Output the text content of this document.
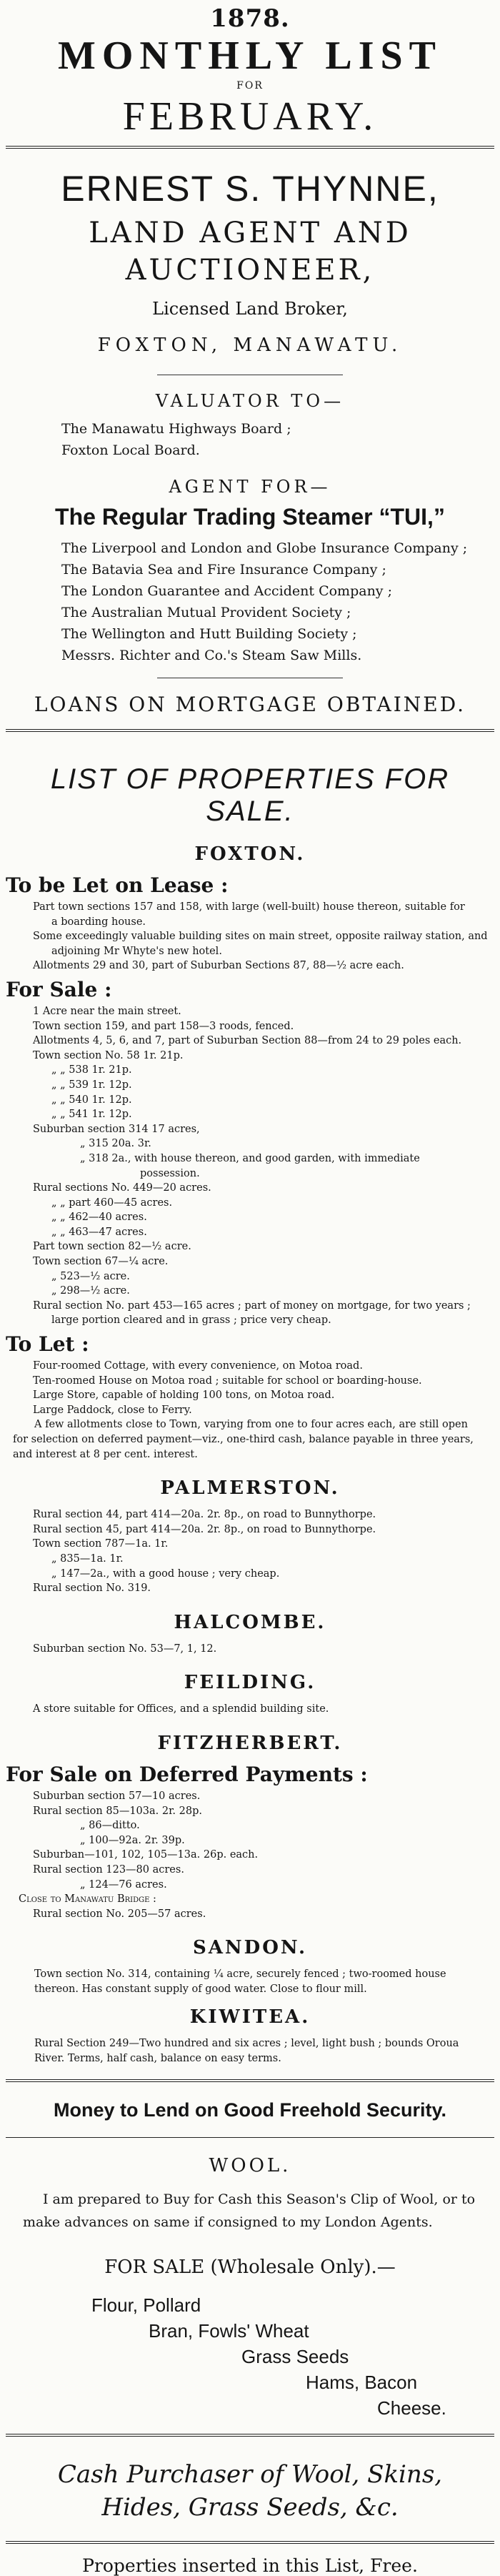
1878.
MONTHLY LIST
FOR
FEBRUARY.
ERNEST S. THYNNE,
LAND AGENT AND AUCTIONEER,
Licensed Land Broker,
FOXTON, MANAWATU.
VALUATOR TO—
The Manawatu Highways Board ;
Foxton Local Board.
AGENT FOR—
The Regular Trading Steamer “TUI,”
The Liverpool and London and Globe Insurance Company ;
The Batavia Sea and Fire Insurance Company ;
The London Guarantee and Accident Company ;
The Australian Mutual Provident Society ;
The Wellington and Hutt Building Society ;
Messrs. Richter and Co.'s Steam Saw Mills.
LOANS ON MORTGAGE OBTAINED.
LIST OF PROPERTIES FOR SALE.
FOXTON.
To be Let on Lease :
Part town sections 157 and 158, with large (well-built) house thereon, suitable for
a boarding house.
Some exceedingly valuable building sites on main street, opposite railway station, and
adjoining Mr Whyte's new hotel.
Allotments 29 and 30, part of Suburban Sections 87, 88—½ acre each.
For Sale :
1 Acre near the main street.
Town section 159, and part 158—3 roods, fenced.
Allotments 4, 5, 6, and 7, part of Suburban Section 88—from 24 to 29 poles each.
Town section No. 58 1r. 21p.
„ „ 538 1r. 21p.
„ „ 539 1r. 12p.
„ „ 540 1r. 12p.
„ „ 541 1r. 12p.
Suburban section 314 17 acres,
„ 315 20a. 3r.
„ 318 2a., with house thereon, and good garden, with immediate
possession.
Rural sections No. 449—20 acres.
„ „ part 460—45 acres.
„ „ 462—40 acres.
„ „ 463—47 acres.
Part town section 82—½ acre.
Town section 67—¼ acre.
„ 523—½ acre.
„ 298—½ acre.
Rural section No. part 453—165 acres ; part of money on mortgage, for two years ;
large portion cleared and in grass ; price very cheap.
To Let :
Four-roomed Cottage, with every convenience, on Motoa road.
Ten-roomed House on Motoa road ; suitable for school or boarding-house.
Large Store, capable of holding 100 tons, on Motoa road.
Large Paddock, close to Ferry.
A few allotments close to Town, varying from one to four acres each, are still open for selection on deferred payment—viz., one-third cash, balance payable in three years, and interest at 8 per cent. interest.
PALMERSTON.
Rural section 44, part 414—20a. 2r. 8p., on road to Bunnythorpe.
Rural section 45, part 414—20a. 2r. 8p., on road to Bunnythorpe.
Town section 787—1a. 1r.
„ 835—1a. 1r.
„ 147—2a., with a good house ; very cheap.
Rural section No. 319.
HALCOMBE.
Suburban section No. 53—7, 1, 12.
FEILDING.
A store suitable for Offices, and a splendid building site.
FITZHERBERT.
For Sale on Deferred Payments :
Suburban section 57—10 acres.
Rural section 85—103a. 2r. 28p.
„ 86—ditto.
„ 100—92a. 2r. 39p.
Suburban—101, 102, 105—13a. 26p. each.
Rural section 123—80 acres.
„ 124—76 acres.
Close to Manawatu Bridge :
Rural section No. 205—57 acres.
SANDON.
Town section No. 314, containing ¼ acre, securely fenced ; two-roomed house thereon. Has constant supply of good water. Close to flour mill.
KIWITEA.
Rural Section 249—Two hundred and six acres ; level, light bush ; bounds Oroua River. Terms, half cash, balance on easy terms.
Money to Lend on Good Freehold Security.
WOOL.
I am prepared to Buy for Cash this Season's Clip of Wool, or to make advances on same if consigned to my London Agents.
FOR SALE (Wholesale Only).—
Flour, Pollard
Bran, Fowls' Wheat
Grass Seeds
Hams, Bacon
Cheese.
Cash Purchaser of Wool, Skins, Hides, Grass Seeds, &c.
Properties inserted in this List, Free.
